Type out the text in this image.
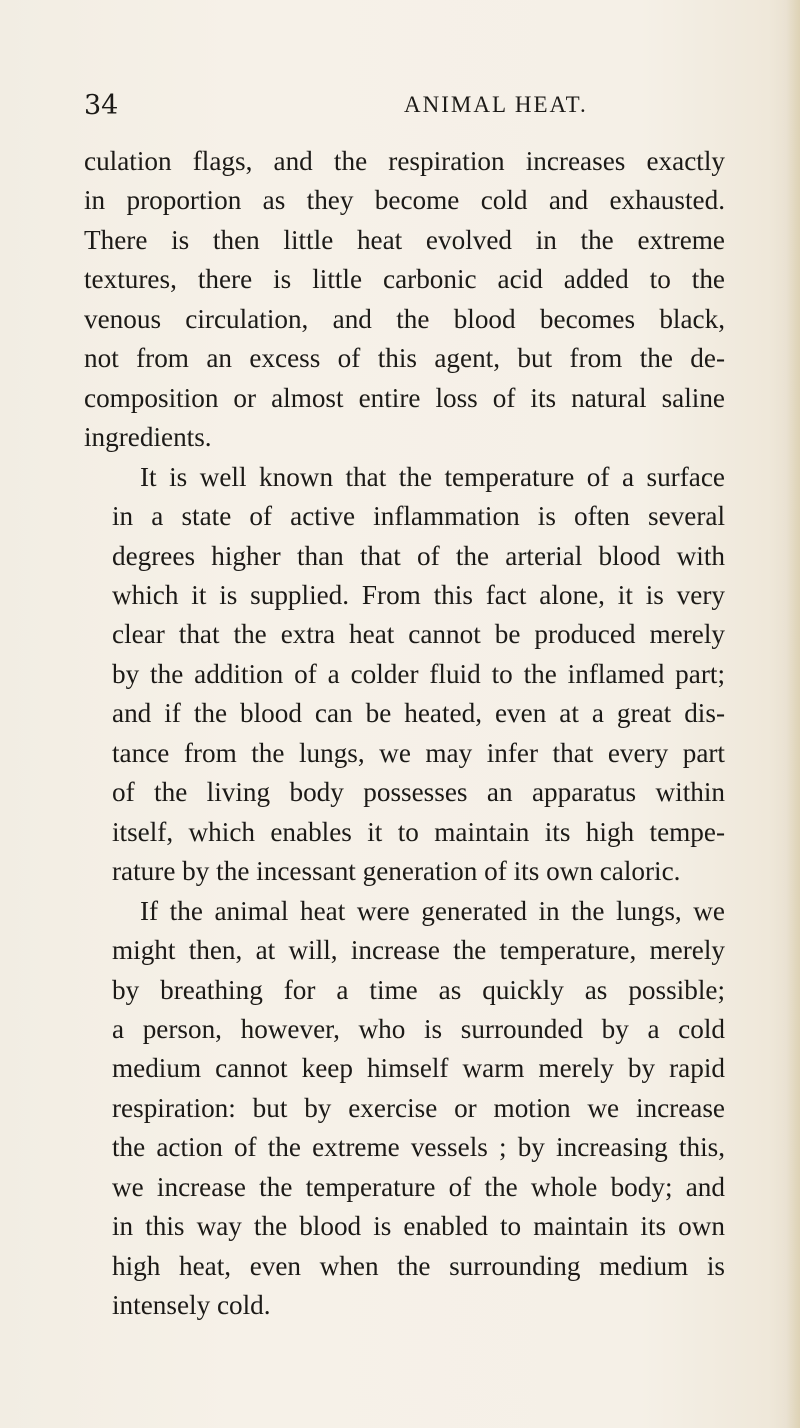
34	ANIMAL HEAT.

culation flags, and the respiration increases exactly
in proportion as they become cold and exhausted.
There is then little heat evolved in the extreme
textures, there is little carbonic acid added to the
venous circulation, and the blood becomes black,
not from an excess of this agent, but from the de-
composition or almost entire loss of its natural saline
ingredients.

It is well known that the temperature of a surface
in a state of active inflammation is often several
degrees higher than that of the arterial blood with
which it is supplied. From this fact alone, it is very
clear that the extra heat cannot be produced merely
by the addition of a colder fluid to the inflamed part;
and if the blood can be heated, even at a great dis-
tance from the lungs, we may infer that every part
of the living body possesses an apparatus within
itself, which enables it to maintain its high tempe-
rature by the incessant generation of its own caloric.

If the animal heat were generated in the lungs, we
might then, at will, increase the temperature, merely
by breathing for a time as quickly as possible;
a person, however, who is surrounded by a cold
medium cannot keep himself warm merely by rapid
respiration: but by exercise or motion we increase
the action of the extreme vessels ; by increasing this,
we increase the temperature of the whole body; and
in this way the blood is enabled to maintain its own
high heat, even when the surrounding medium is
intensely cold.
